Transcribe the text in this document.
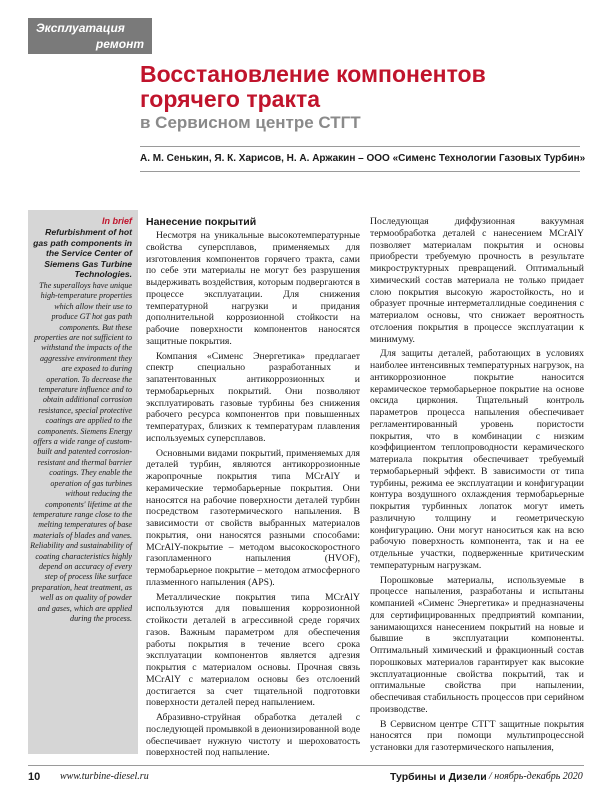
Эксплуатация
ремонт
Восстановление компонентов горячего тракта
в Сервисном центре СТГТ
А. М. Сенькин, Я. К. Харисов, Н. А. Аржакин – ООО «Сименс Технологии Газовых Турбин»
In brief
Refurbishment of hot gas path components in the Service Center of Siemens Gas Turbine Technologies.
The superalloys have unique high-temperature properties which allow their use to produce GT hot gas path components. But these properties are not sufficient to withstand the impacts of the aggressive environment they are exposed to during operation. To decrease the temperature influence and to obtain additional corrosion resistance, special protective coatings are applied to the components. Siemens Energy offers a wide range of custom-built and patented corrosion-resistant and thermal barrier coatings. They enable the operation of gas turbines without reducing the components' lifetime at the temperature range close to the melting temperatures of base materials of blades and vanes. Reliability and sustainability of coating characteristics highly depend on accuracy of every step of process like surface preparation, heat treatment, as well as on quality of powder and gases, which are applied during the process.
Нанесение покрытий

Несмотря на уникальные высокотемпературные свойства суперсплавов, применяемых для изготовления компонентов горячего тракта, сами по себе эти материалы не могут без разрушения выдерживать воздействия, которым подвергаются в процессе эксплуатации. Для снижения температурной нагрузки и придания дополнительной коррозионной стойкости на рабочие поверхности компонентов наносятся защитные покрытия.

Компания «Сименс Энергетика» предлагает спектр специально разработанных и запатентованных антикоррозионных и термобарьерных покрытий. Они позволяют эксплуатировать газовые турбины без снижения рабочего ресурса компонентов при повышенных температурах, близких к температурам плавления используемых суперсплавов.

Основными видами покрытий, применяемых для деталей турбин, являются антикоррозионные жаропрочные покрытия типа MCrAlY и керамические термобарьерные покрытия. Они наносятся на рабочие поверхности деталей турбин посредством газотермического напыления. В зависимости от свойств выбранных материалов покрытия, они наносятся разными способами: MCrAlY-покрытие – методом высокоскоростного газопламенного напыления (HVOF), термобарьерное покрытие – методом атмосферного плазменного напыления (APS).

Металлические покрытия типа MCrAlY используются для повышения коррозионной стойкости деталей в агрессивной среде горячих газов. Важным параметром для обеспечения работы покрытия в течение всего срока эксплуатации компонентов является адгезия покрытия с материалом основы. Прочная связь MCrAlY с материалом основы без отслоений достигается за счет тщательной подготовки поверхности деталей перед напылением.

Абразивно-струйная обработка деталей с последующей промывкой в деионизированной воде обеспечивает нужную чистоту и шероховатость поверхностей под напыление.

Последующая диффузионная вакуумная термообработка деталей с нанесением MCrAlY позволяет материалам покрытия и основы приобрести требуемую прочность в результате микроструктурных превращений. Оптимальный химический состав материала не только придает слою покрытия высокую жаростойкость, но и образует прочные интерметаллидные соединения с материалом основы, что снижает вероятность отслоения покрытия в процессе эксплуатации к минимуму.

Для защиты деталей, работающих в условиях наиболее интенсивных температурных нагрузок, на антикоррозионное покрытие наносится керамическое термобарьерное покрытие на основе оксида циркония. Тщательный контроль параметров процесса напыления обеспечивает регламентированный уровень пористости покрытия, что в комбинации с низким коэффициентом теплопроводности керамического материала покрытия обеспечивает требуемый термобарьерный эффект. В зависимости от типа турбины, режима ее эксплуатации и конфигурации контура воздушного охлаждения термобарьерные покрытия турбинных лопаток могут иметь различную толщину и геометрическую конфигурацию. Они могут наноситься как на всю рабочую поверхность компонента, так и на ее отдельные участки, подверженные критическим температурным нагрузкам.

Порошковые материалы, используемые в процессе напыления, разработаны и испытаны компанией «Сименс Энергетика» и предназначены для сертифицированных предприятий компании, занимающихся нанесением покрытий на новые и бывшие в эксплуатации компоненты. Оптимальный химический и фракционный состав порошковых материалов гарантирует как высокие эксплуатационные свойства покрытий, так и оптимальные свойства при напылении, обеспечивая стабильность процессов при серийном производстве.

В Сервисном центре СТГТ защитные покрытия наносятся при помощи мультипроцессной установки для газотермического напыления,

10 www.turbine-diesel.ru	Турбины и Дизели / ноябрь-декабрь 2020
